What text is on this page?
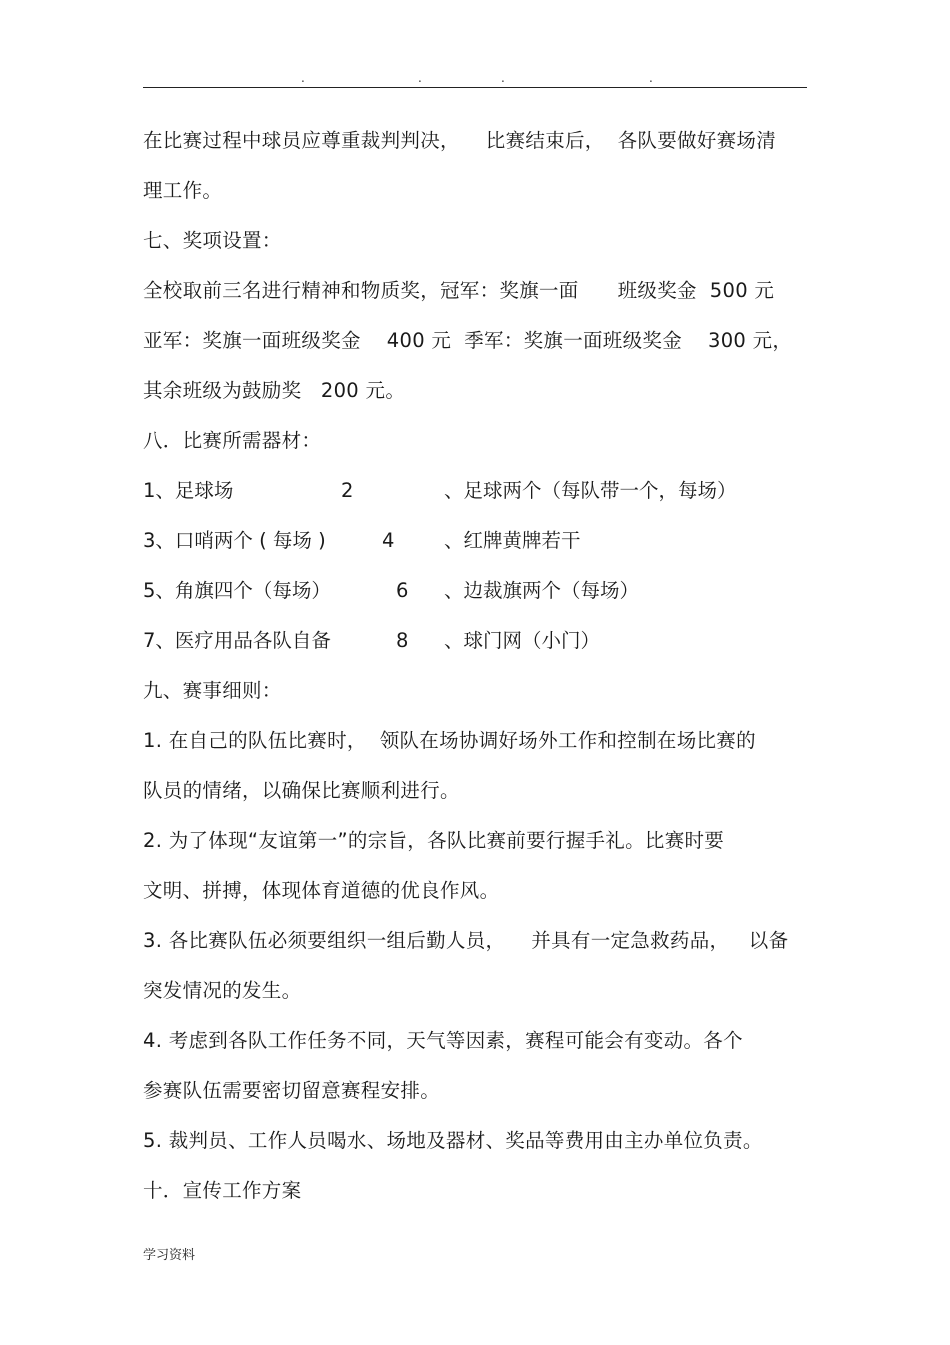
.	.	.	.
在比赛过程中球员应尊重裁判判决，    比赛结束后，  各队要做好赛场清
理工作。
七、奖项设置：
全校取前三名进行精神和物质奖，冠军：奖旗一面      班级奖金  500 元
亚军：奖旗一面班级奖金    400 元  季军：奖旗一面班级奖金    300 元，
其余班级为鼓励奖   200 元。
八．比赛所需器材：
1、足球场	2	、足球两个（每队带一个，每场）
3、口哨两个 ( 每场 )	4	、红牌黄牌若干
5、角旗四个（每场）	6 、边裁旗两个（每场）
7、医疗用品各队自备	8 、球门网（小门）
九、赛事细则：
1. 在自己的队伍比赛时，  领队在场协调好场外工作和控制在场比赛的
队员的情绪，以确保比赛顺利进行。
2. 为了体现“友谊第一”的宗旨，各队比赛前要行握手礼。比赛时要
文明、拼搏，体现体育道德的优良作风。
3. 各比赛队伍必须要组织一组后勤人员，    并具有一定急救药品，   以备
突发情况的发生。
4. 考虑到各队工作任务不同，天气等因素，赛程可能会有变动。各个
参赛队伍需要密切留意赛程安排。
5. 裁判员、工作人员喝水、场地及器材、奖品等费用由主办单位负责。
十．宣传工作方案
学习资料
